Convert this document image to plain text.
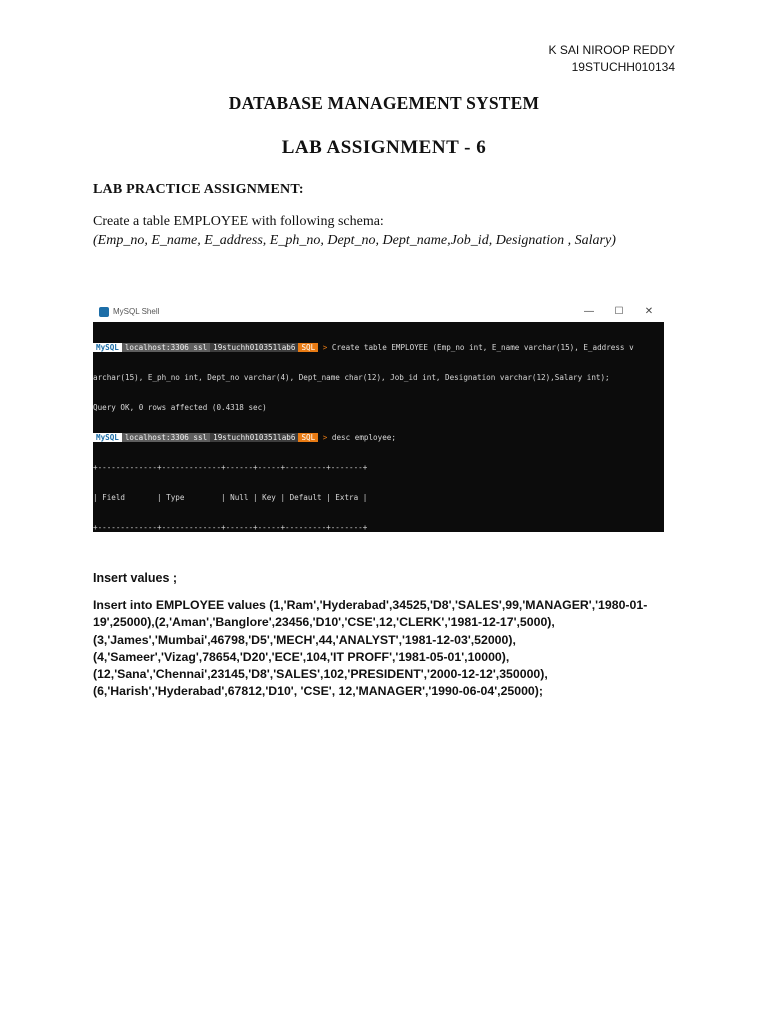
K SAI NIROOP REDDY
19STUCHH010134
DATABASE MANAGEMENT SYSTEM
LAB ASSIGNMENT - 6
LAB PRACTICE ASSIGNMENT:
Create a table EMPLOYEE with following schema:
(Emp_no, E_name, E_address, E_ph_no, Dept_no, Dept_name,Job_id, Designation , Salary)
MySQL Shell	—	☐	✕

MySQL localhost:3306 ssl 19stuchh010351lab6 SQL > Create table EMPLOYEE (Emp_no int, E_name varchar(15), E_address v

archar(15), E_ph_no int, Dept_no varchar(4), Dept_name char(12), Job_id int, Designation varchar(12),Salary int);

Query OK, 0 rows affected (0.4318 sec)

MySQL localhost:3306 ssl 19stuchh010351lab6 SQL > desc employee;

+-------------+-------------+------+-----+---------+-------+

| Field       | Type        | Null | Key | Default | Extra |

+-------------+-------------+------+-----+---------+-------+

Insert values ;
Insert into EMPLOYEE values (1,'Ram','Hyderabad',34525,'D8','SALES',99,'MANAGER','1980-01-
19',25000),(2,'Aman','Banglore',23456,'D10','CSE',12,'CLERK','1981-12-17',5000),
(3,'James','Mumbai',46798,'D5','MECH',44,'ANALYST','1981-12-03',52000),
(4,'Sameer','Vizag',78654,'D20','ECE',104,'IT PROFF','1981-05-01',10000),
(12,'Sana','Chennai',23145,'D8','SALES',102,'PRESIDENT','2000-12-12',350000),
(6,'Harish','Hyderabad',67812,'D10', 'CSE', 12,'MANAGER','1990-06-04',25000);
